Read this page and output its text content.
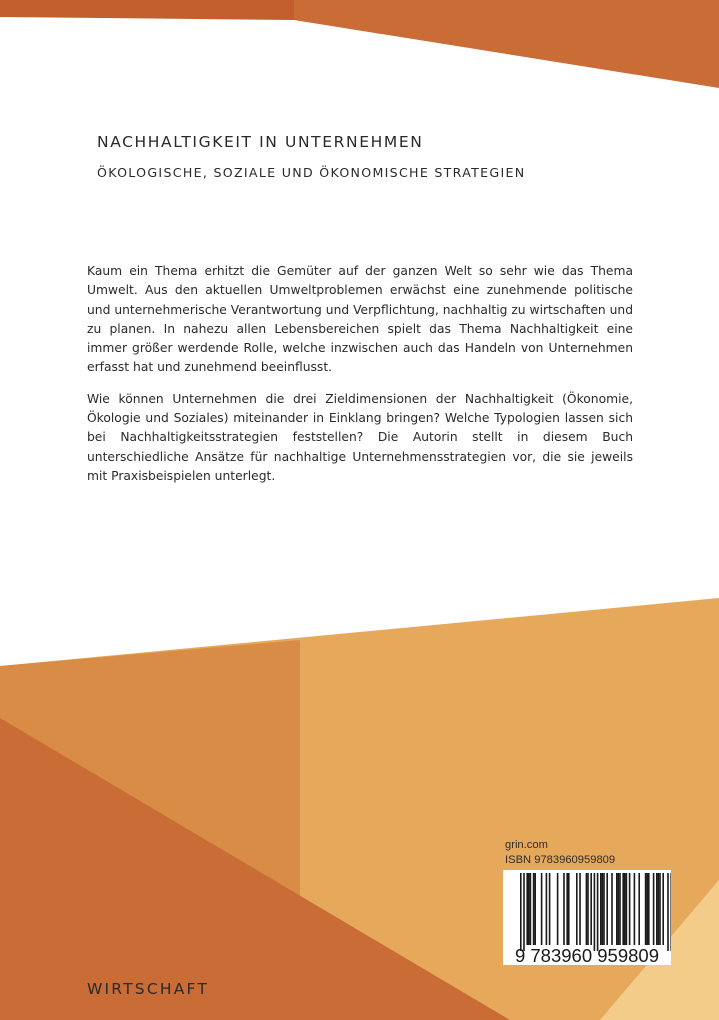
NACHHALTIGKEIT IN UNTERNEHMEN
ÖKOLOGISCHE, SOZIALE UND ÖKONOMISCHE STRATEGIEN

Kaum ein Thema erhitzt die Gemüter auf der ganzen Welt so sehr wie das Thema Umwelt. Aus den aktuellen Umweltproblemen erwächst eine zunehmende politische und unternehmerische Verantwortung und Verpflichtung, nachhaltig zu wirtschaften und zu planen. In nahezu allen Lebensbereichen spielt das Thema Nachhaltigkeit eine immer größer werdende Rolle, welche inzwischen auch das Handeln von Unternehmen erfasst hat und zunehmend beeinflusst.

Wie können Unternehmen die drei Zieldimensionen der Nachhaltigkeit (Ökonomie, Ökologie und Soziales) miteinander in Einklang bringen? Welche Typologien lassen sich bei Nachhaltigkeitsstrategien feststellen? Die Autorin stellt in diesem Buch unterschiedliche Ansätze für nachhaltige Unternehmensstrategien vor, die sie jeweils mit Praxisbeispielen unterlegt.

grin.com
ISBN 9783960959809
9 783960 959809

WIRTSCHAFT
